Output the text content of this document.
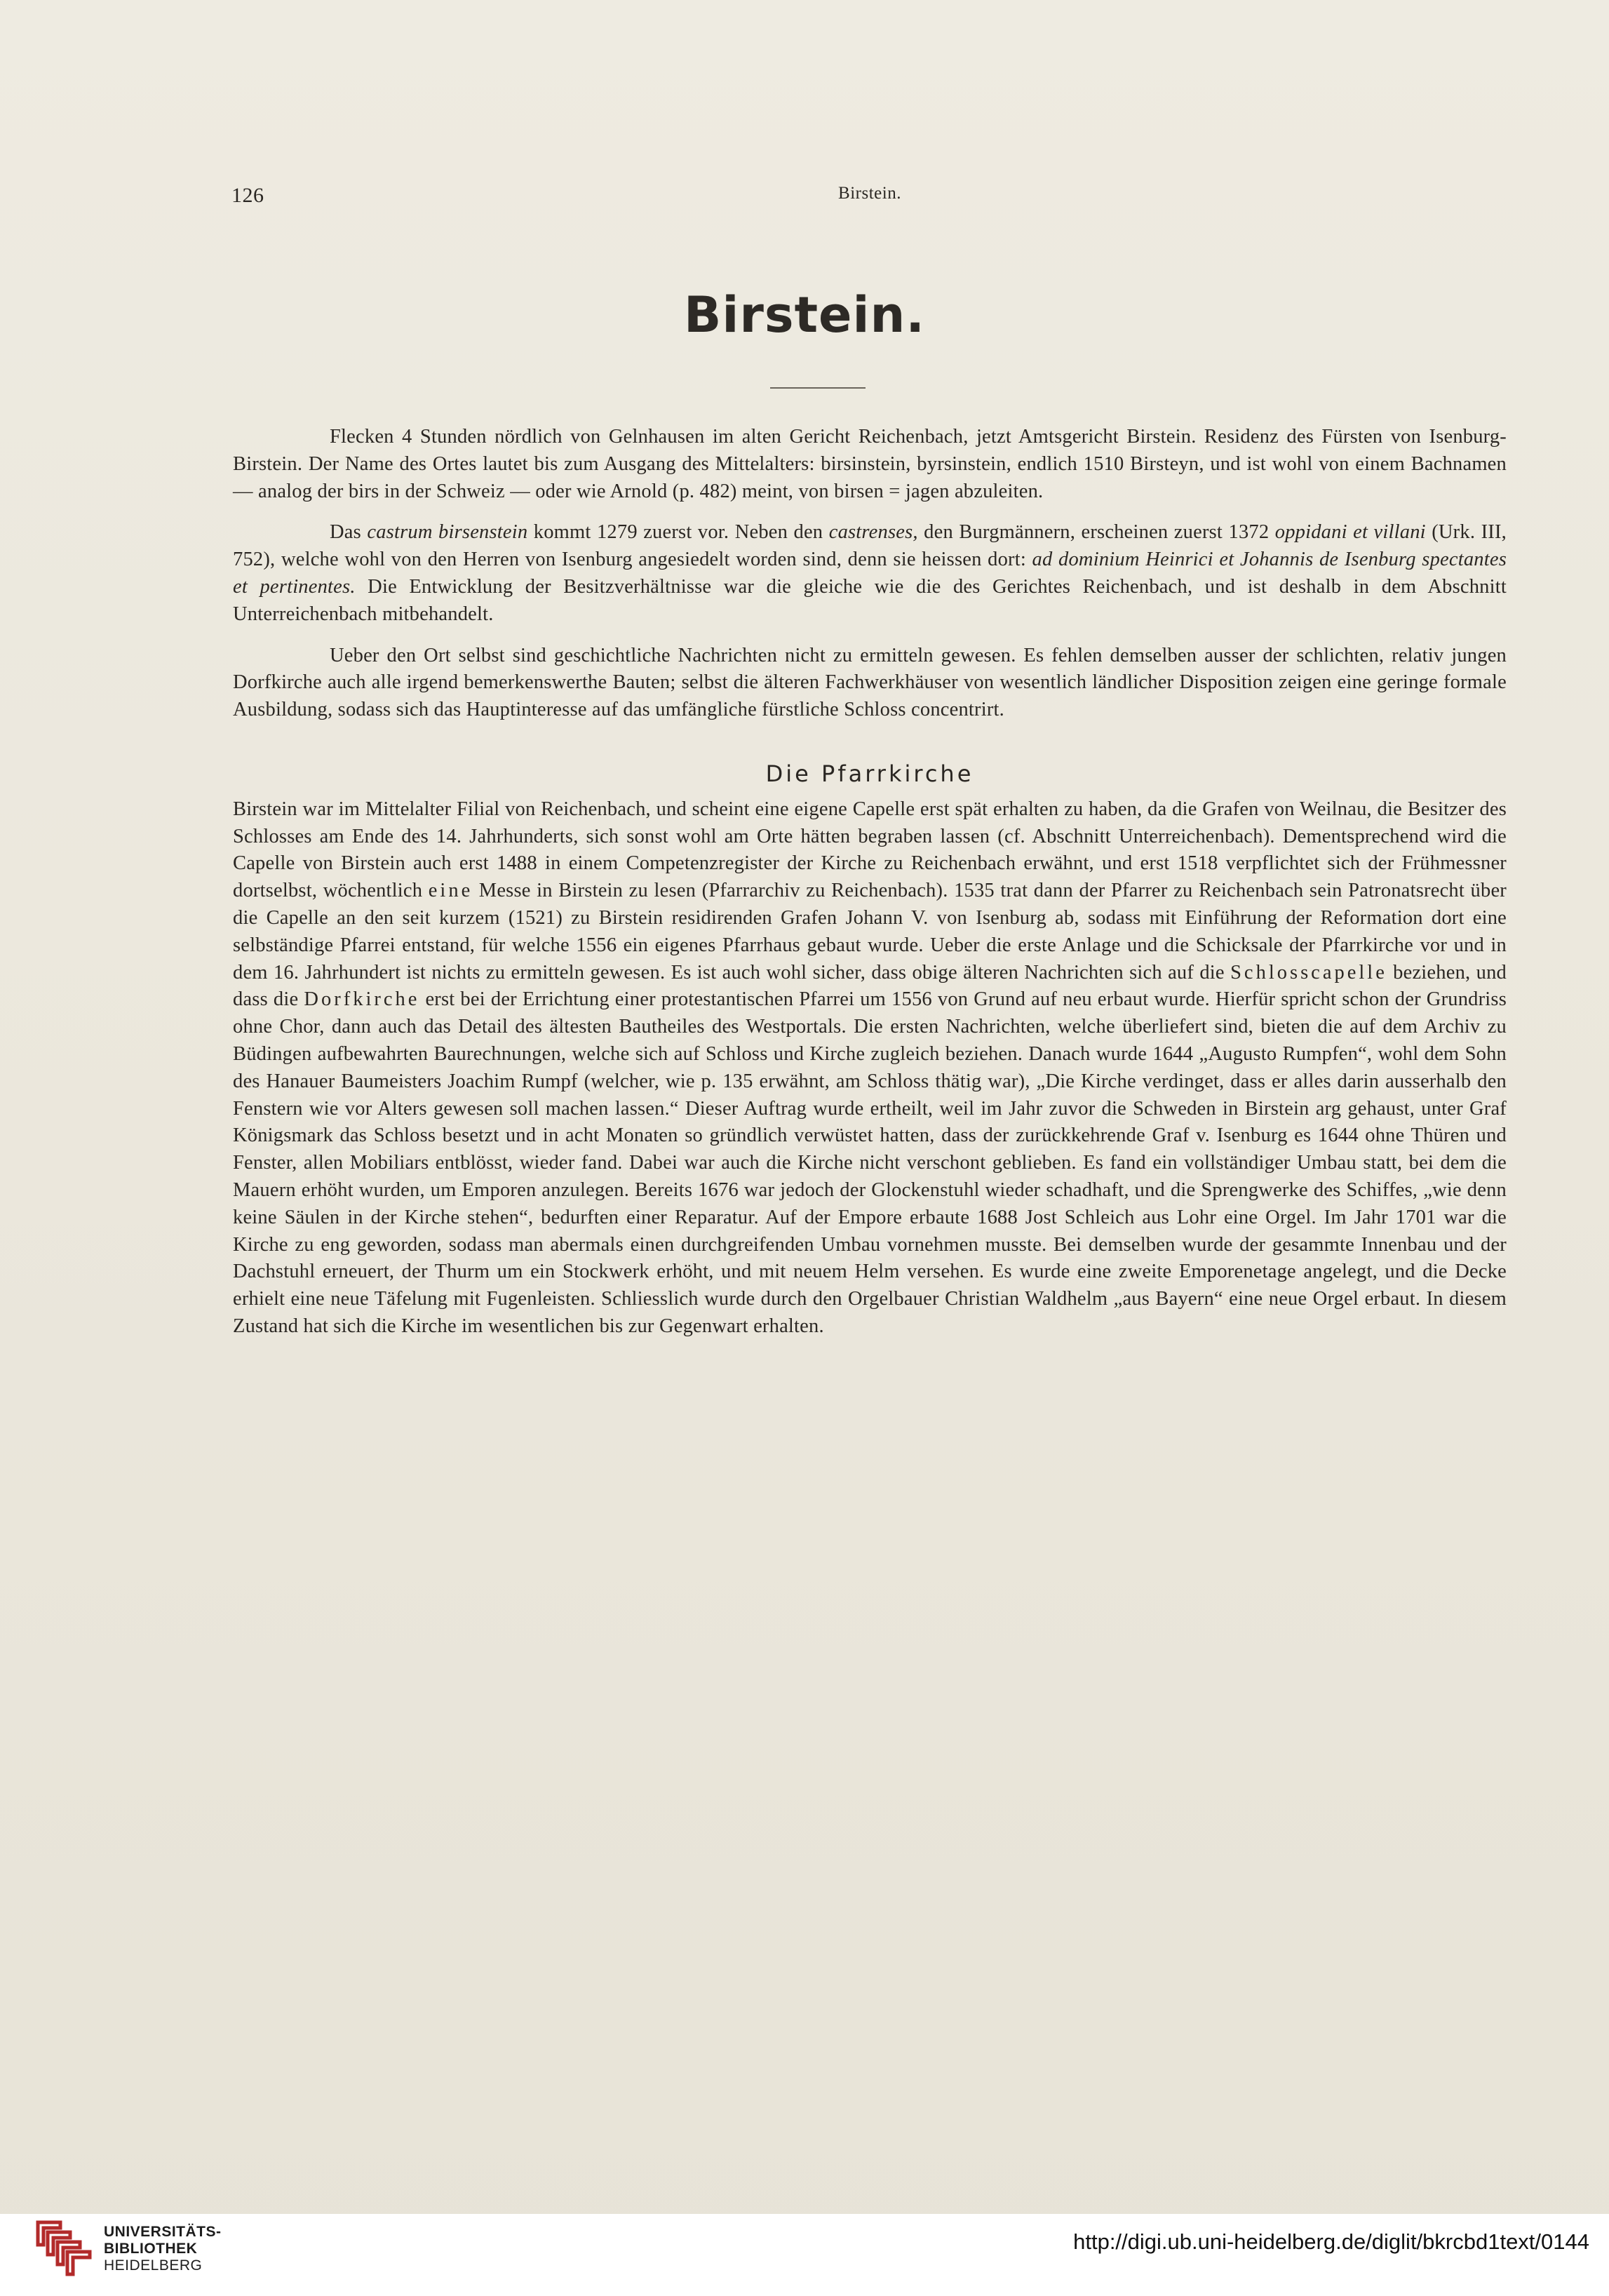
126	Birstein.
Birstein.

Flecken 4 Stunden nördlich von Gelnhausen im alten Gericht Reichenbach, jetzt Amtsgericht Birstein. Residenz des Fürsten von Isenburg-Birstein. Der Name des Ortes lautet bis zum Ausgang des Mittelalters: birsinstein, byrsinstein, endlich 1510 Birsteyn, und ist wohl von einem Bachnamen — analog der birs in der Schweiz — oder wie Arnold (p. 482) meint, von birsen = jagen abzuleiten.

Das castrum birsenstein kommt 1279 zuerst vor. Neben den castrenses, den Burgmännern, erscheinen zuerst 1372 oppidani et villani (Urk. III, 752), welche wohl von den Herren von Isenburg angesiedelt worden sind, denn sie heissen dort: ad dominium Heinrici et Johannis de Isenburg spectantes et pertinentes. Die Entwicklung der Besitzverhältnisse war die gleiche wie die des Gerichtes Reichenbach, und ist deshalb in dem Abschnitt Unterreichenbach mitbehandelt.

Ueber den Ort selbst sind geschichtliche Nachrichten nicht zu ermitteln gewesen. Es fehlen demselben ausser der schlichten, relativ jungen Dorfkirche auch alle irgend bemerkenswerthe Bauten; selbst die älteren Fachwerkhäuser von wesentlich ländlicher Disposition zeigen eine geringe formale Ausbildung, sodass sich das Hauptinteresse auf das umfängliche fürstliche Schloss concentrirt.

Die Pfarrkirche

Birstein war im Mittelalter Filial von Reichenbach, und scheint eine eigene Capelle erst spät erhalten zu haben, da die Grafen von Weilnau, die Besitzer des Schlosses am Ende des 14. Jahrhunderts, sich sonst wohl am Orte hätten begraben lassen (cf. Abschnitt Unterreichenbach). Dementsprechend wird die Capelle von Birstein auch erst 1488 in einem Competenzregister der Kirche zu Reichenbach erwähnt, und erst 1518 verpflichtet sich der Frühmessner dortselbst, wöchentlich eine Messe in Birstein zu lesen (Pfarrarchiv zu Reichenbach). 1535 trat dann der Pfarrer zu Reichenbach sein Patronatsrecht über die Capelle an den seit kurzem (1521) zu Birstein residirenden Grafen Johann V. von Isenburg ab, sodass mit Einführung der Reformation dort eine selbständige Pfarrei entstand, für welche 1556 ein eigenes Pfarrhaus gebaut wurde. Ueber die erste Anlage und die Schicksale der Pfarrkirche vor und in dem 16. Jahrhundert ist nichts zu ermitteln gewesen. Es ist auch wohl sicher, dass obige älteren Nachrichten sich auf die Schlosscapelle beziehen, und dass die Dorfkirche erst bei der Errichtung einer protestantischen Pfarrei um 1556 von Grund auf neu erbaut wurde. Hierfür spricht schon der Grundriss ohne Chor, dann auch das Detail des ältesten Bautheiles des Westportals. Die ersten Nachrichten, welche überliefert sind, bieten die auf dem Archiv zu Büdingen aufbewahrten Baurechnungen, welche sich auf Schloss und Kirche zugleich beziehen. Danach wurde 1644 „Augusto Rumpfen“, wohl dem Sohn des Hanauer Baumeisters Joachim Rumpf (welcher, wie p. 135 erwähnt, am Schloss thätig war), „Die Kirche verdinget, dass er alles darin ausserhalb den Fenstern wie vor Alters gewesen soll machen lassen.“ Dieser Auftrag wurde ertheilt, weil im Jahr zuvor die Schweden in Birstein arg gehaust, unter Graf Königsmark das Schloss besetzt und in acht Monaten so gründlich verwüstet hatten, dass der zurückkehrende Graf v. Isenburg es 1644 ohne Thüren und Fenster, allen Mobiliars entblösst, wieder fand. Dabei war auch die Kirche nicht verschont geblieben. Es fand ein vollständiger Umbau statt, bei dem die Mauern erhöht wurden, um Emporen anzulegen. Bereits 1676 war jedoch der Glockenstuhl wieder schadhaft, und die Sprengwerke des Schiffes, „wie denn keine Säulen in der Kirche stehen“, bedurften einer Reparatur. Auf der Empore erbaute 1688 Jost Schleich aus Lohr eine Orgel. Im Jahr 1701 war die Kirche zu eng geworden, sodass man abermals einen durchgreifenden Umbau vornehmen musste. Bei demselben wurde der gesammte Innenbau und der Dachstuhl erneuert, der Thurm um ein Stockwerk erhöht, und mit neuem Helm versehen. Es wurde eine zweite Emporenetage angelegt, und die Decke erhielt eine neue Täfelung mit Fugenleisten. Schliesslich wurde durch den Orgelbauer Christian Waldhelm „aus Bayern“ eine neue Orgel erbaut. In diesem Zustand hat sich die Kirche im wesentlichen bis zur Gegenwart erhalten.

UNIVERSITÄTS-
BIBLIOTHEK
HEIDELBERG
http://digi.ub.uni-heidelberg.de/diglit/bkrcbd1text/0144
